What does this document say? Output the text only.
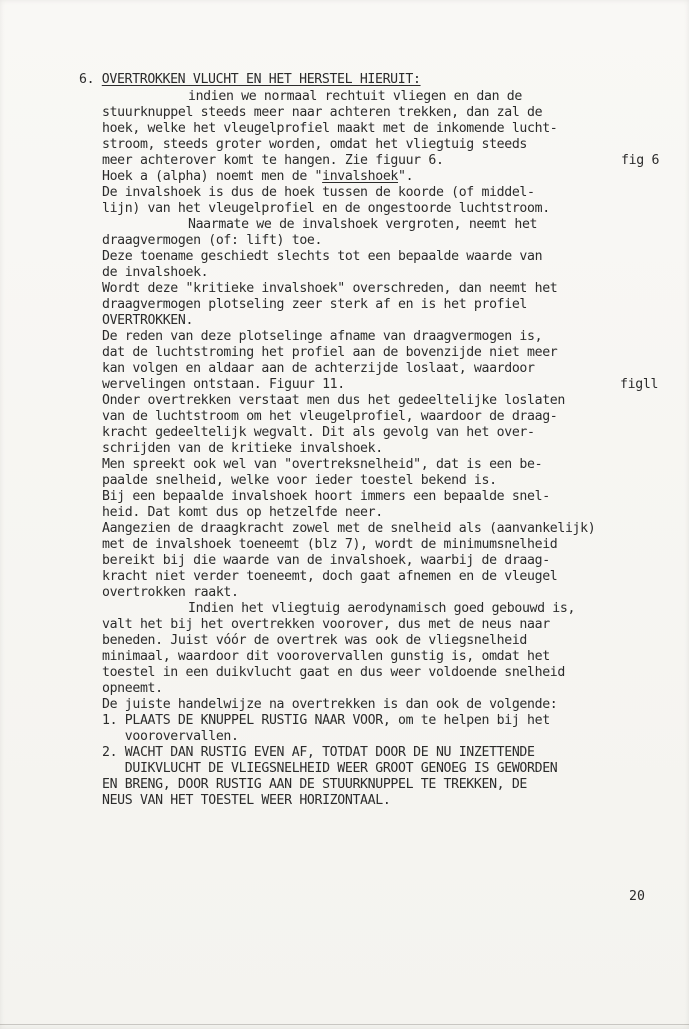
6. OVERTROKKEN VLUCHT EN HET HERSTEL HIERUIT:
indien we normaal rechtuit vliegen en dan de
stuurknuppel steeds meer naar achteren trekken, dan zal de
hoek, welke het vleugelprofiel maakt met de inkomende lucht-
stroom, steeds groter worden, omdat het vliegtuig steeds
meer achterover komt te hangen. Zie figuur 6.	fig 6
Hoek a (alpha) noemt men de "invalshoek".
De invalshoek is dus de hoek tussen de koorde (of middel-
lijn) van het vleugelprofiel en de ongestoorde luchtstroom.
Naarmate we de invalshoek vergroten, neemt het
draagvermogen (of: lift) toe.
Deze toename geschiedt slechts tot een bepaalde waarde van
de invalshoek.
Wordt deze "kritieke invalshoek" overschreden, dan neemt het
draagvermogen plotseling zeer sterk af en is het profiel
OVERTROKKEN.
De reden van deze plotselinge afname van draagvermogen is,
dat de luchtstroming het profiel aan de bovenzijde niet meer
kan volgen en aldaar aan de achterzijde loslaat, waardoor
wervelingen ontstaan. Figuur 11.	figll
Onder overtrekken verstaat men dus het gedeeltelijke loslaten
van de luchtstroom om het vleugelprofiel, waardoor de draag-
kracht gedeeltelijk wegvalt. Dit als gevolg van het over-
schrijden van de kritieke invalshoek.
Men spreekt ook wel van "overtreksnelheid", dat is een be-
paalde snelheid, welke voor ieder toestel bekend is.
Bij een bepaalde invalshoek hoort immers een bepaalde snel-
heid. Dat komt dus op hetzelfde neer.
Aangezien de draagkracht zowel met de snelheid als (aanvankelijk)
met de invalshoek toeneemt (blz 7), wordt de minimumsnelheid
bereikt bij die waarde van de invalshoek, waarbij de draag-
kracht niet verder toeneemt, doch gaat afnemen en de vleugel
overtrokken raakt.
Indien het vliegtuig aerodynamisch goed gebouwd is,
valt het bij het overtrekken voorover, dus met de neus naar
beneden. Juist vóór de overtrek was ook de vliegsnelheid
minimaal, waardoor dit voorovervallen gunstig is, omdat het
toestel in een duikvlucht gaat en dus weer voldoende snelheid
opneemt.
De juiste handelwijze na overtrekken is dan ook de volgende:
1. PLAATS DE KNUPPEL RUSTIG NAAR VOOR, om te helpen bij het
voorovervallen.
2. WACHT DAN RUSTIG EVEN AF, TOTDAT DOOR DE NU INZETTENDE
DUIKVLUCHT DE VLIEGSNELHEID WEER GROOT GENOEG IS GEWORDEN
EN BRENG, DOOR RUSTIG AAN DE STUURKNUPPEL TE TREKKEN, DE
NEUS VAN HET TOESTEL WEER HORIZONTAAL.
20
